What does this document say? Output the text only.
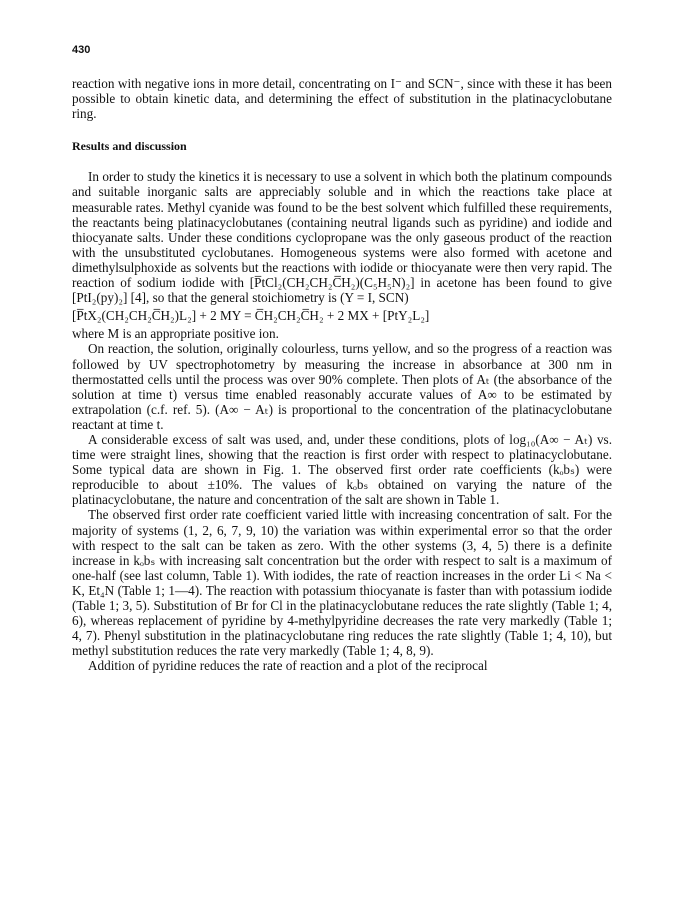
430

reaction with negative ions in more detail, concentrating on I⁻ and SCN⁻, since with these it has been possible to obtain kinetic data, and determining the effect of substitution in the platinacyclobutane ring.

Results and discussion

In order to study the kinetics it is necessary to use a solvent in which both the platinum compounds and suitable inorganic salts are appreciably soluble and in which the reactions take place at measurable rates. Methyl cyanide was found to be the best solvent which fulfilled these requirements, the reactants being platinacyclobutanes (containing neutral ligands such as pyridine) and iodide and thiocyanate salts. Under these conditions cyclopropane was the only gaseous product of the reaction with the unsubstituted cyclobutanes. Homogeneous systems were also formed with acetone and dimethylsulphoxide as solvents but the reactions with iodide or thiocyanate were then very rapid. The reaction of sodium iodide with [P̅tCl₂(CH₂CH₂C̅H₂)(C₅H₅N)₂] in acetone has been found to give [PtI₂(py)₂] [4], so that the general stoichiometry is (Y = I, SCN)

[P̅tX₂(CH₂CH₂C̅H₂)L₂] + 2 MY = C̅H₂CH₂C̅H₂ + 2 MX + [PtY₂L₂]

where M is an appropriate positive ion.

On reaction, the solution, originally colourless, turns yellow, and so the progress of a reaction was followed by UV spectrophotometry by measuring the increase in absorbance at 300 nm in thermostatted cells until the process was over 90% complete. Then plots of Aₜ (the absorbance of the solution at time t) versus time enabled reasonably accurate values of A∞ to be estimated by extrapolation (c.f. ref. 5). (A∞ − Aₜ) is proportional to the concentration of the platinacyclobutane reactant at time t.

A considerable excess of salt was used, and, under these conditions, plots of log₁₀(A∞ − Aₜ) vs. time were straight lines, showing that the reaction is first order with respect to platinacyclobutane. Some typical data are shown in Fig. 1. The observed first order rate coefficients (kₒbₛ) were reproducible to about ±10%. The values of kₒbₛ obtained on varying the nature of the platinacyclobutane, the nature and concentration of the salt are shown in Table 1.

The observed first order rate coefficient varied little with increasing concentration of salt. For the majority of systems (1, 2, 6, 7, 9, 10) the variation was within experimental error so that the order with respect to the salt can be taken as zero. With the other systems (3, 4, 5) there is a definite increase in kₒbₛ with increasing salt concentration but the order with respect to salt is a maximum of one-half (see last column, Table 1). With iodides, the rate of reaction increases in the order Li < Na < K, Et₄N (Table 1; 1—4). The reaction with potassium thiocyanate is faster than with potassium iodide (Table 1; 3, 5). Substitution of Br for Cl in the platinacyclobutane reduces the rate slightly (Table 1; 4, 6), whereas replacement of pyridine by 4-methylpyridine decreases the rate very markedly (Table 1; 4, 7). Phenyl substitution in the platinacyclobutane ring reduces the rate slightly (Table 1; 4, 10), but methyl substitution reduces the rate very markedly (Table 1; 4, 8, 9).

Addition of pyridine reduces the rate of reaction and a plot of the reciprocal
